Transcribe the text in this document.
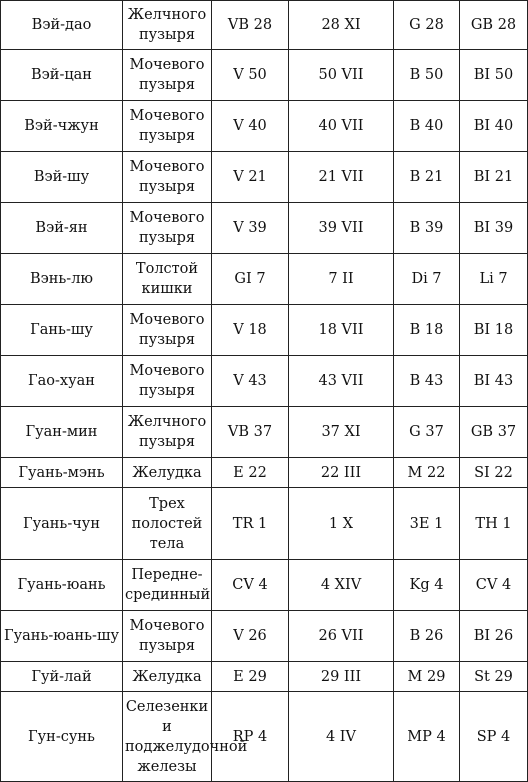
Вэй-дао	Желчного пузыря	VB 28	28 XI	G 28	GB 28
Вэй-цан	Мочевого пузыря	V 50	50 VII	B 50	BI 50
Вэй-чжун	Мочевого пузыря	V 40	40 VII	B 40	BI 40
Вэй-шу	Мочевого пузыря	V 21	21 VII	B 21	BI 21
Вэй-ян	Мочевого пузыря	V 39	39 VII	B 39	BI 39
Вэнь-лю	Толстой кишки	GI 7	7 II	Di 7	Li 7
Гань-шу	Мочевого пузыря	V 18	18 VII	B 18	BI 18
Гао-хуан	Мочевого пузыря	V 43	43 VII	B 43	BI 43
Гуан-мин	Желчного пузыря	VB 37	37 XI	G 37	GB 37
Гуань-мэнь	Желудка	E 22	22 III	M 22	SI 22
Гуань-чун	Трех полостей тела	TR 1	1 X	3E 1	TH 1
Гуань-юань	Передне-срединный	CV 4	4 XIV	Kg 4	CV 4
Гуань-юань-шу	Мочевого пузыря	V 26	26 VII	B 26	BI 26
Гуй-лай	Желудка	E 29	29 III	M 29	St 29
Гун-сунь	Селезенки и поджелудочной железы	RP 4	4 IV	MP 4	SP 4
